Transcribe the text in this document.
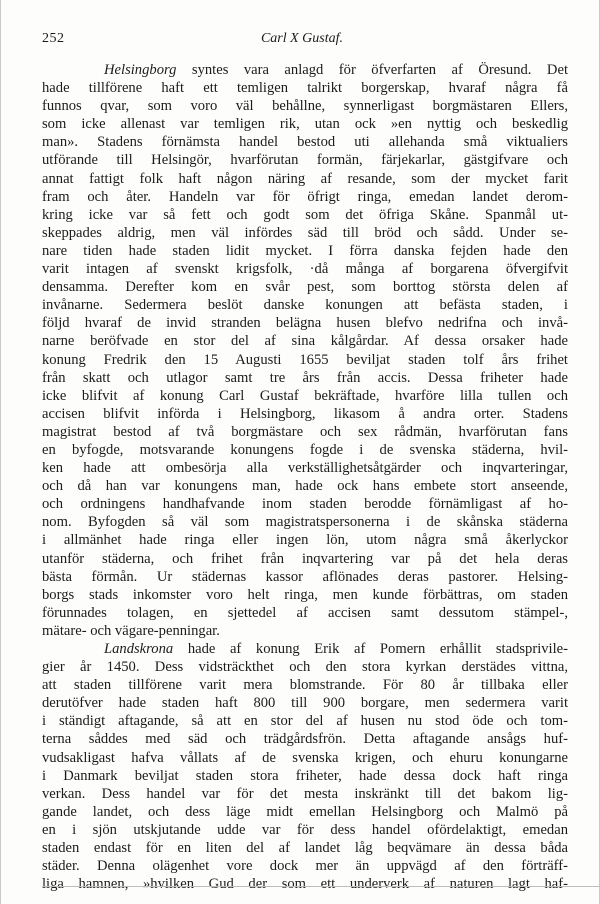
252	Carl X Gustaf.
Helsingborg syntes vara anlagd för öfverfarten af Öresund. Det
hade tillförene haft ett temligen talrikt borgerskap, hvaraf några få
funnos qvar, som voro väl behållne, synnerligast borgmästaren Ellers,
som icke allenast var temligen rik, utan ock »en nyttig och beskedlig
man». Stadens förnämsta handel bestod uti allehanda små viktualiers
utförande till Helsingör, hvarförutan formän, färjekarlar, gästgifvare och
annat fattigt folk haft någon näring af resande, som der mycket farit
fram och åter. Handeln var för öfrigt ringa, emedan landet derom-
kring icke var så fett och godt som det öfriga Skåne. Spanmål ut-
skeppades aldrig, men väl infördes säd till bröd och sådd. Under se-
nare tiden hade staden lidit mycket. I förra danska fejden hade den
varit intagen af svenskt krigsfolk, ·då många af borgarena öfvergifvit
densamma. Derefter kom en svår pest, som borttog största delen af
invånarne. Sedermera beslöt danske konungen att befästa staden, i
följd hvaraf de invid stranden belägna husen blefvo nedrifna och invå-
narne beröfvade en stor del af sina kålgårdar. Af dessa orsaker hade
konung Fredrik den 15 Augusti 1655 beviljat staden tolf års frihet
från skatt och utlagor samt tre års från accis. Dessa friheter hade
icke blifvit af konung Carl Gustaf bekräftade, hvarföre lilla tullen och
accisen blifvit införda i Helsingborg, likasom å andra orter. Stadens
magistrat bestod af två borgmästare och sex rådmän, hvarförutan fans
en byfogde, motsvarande konungens fogde i de svenska städerna, hvil-
ken hade att ombesörja alla verkställighetsåtgärder och inqvarteringar,
och då han var konungens man, hade ock hans embete stort anseende,
och ordningens handhafvande inom staden berodde förnämligast af ho-
nom. Byfogden så väl som magistratspersonerna i de skånska städerna
i allmänhet hade ringa eller ingen lön, utom några små åkerlyckor
utanför städerna, och frihet från inqvartering var på det hela deras
bästa förmån. Ur städernas kassor aflönades deras pastorer. Helsing-
borgs stads inkomster voro helt ringa, men kunde förbättras, om staden
förunnades tolagen, en sjettedel af accisen samt dessutom stämpel-,
mätare- och vägare-penningar.
Landskrona hade af konung Erik af Pomern erhållit stadsprivile-
gier år 1450. Dess vidsträckthet och den stora kyrkan derstädes vittna,
att staden tillförene varit mera blomstrande. För 80 år tillbaka eller
derutöfver hade staden haft 800 till 900 borgare, men sedermera varit
i ständigt aftagande, så att en stor del af husen nu stod öde och tom-
terna såddes med säd och trädgårdsfrön. Detta aftagande ansågs huf-
vudsakligast hafva vållats af de svenska krigen, och ehuru konungarne
i Danmark beviljat staden stora friheter, hade dessa dock haft ringa
verkan. Dess handel var för det mesta inskränkt till det bakom lig-
gande landet, och dess läge midt emellan Helsingborg och Malmö på
en i sjön utskjutande udde var för dess handel ofördelaktigt, emedan
staden endast för en liten del af landet låg beqvämare än dessa båda
städer. Denna olägenhet vore dock mer än uppvägd af den förträff-
liga hamnen, »hvilken Gud der som ett underverk af naturen lagt haf-
